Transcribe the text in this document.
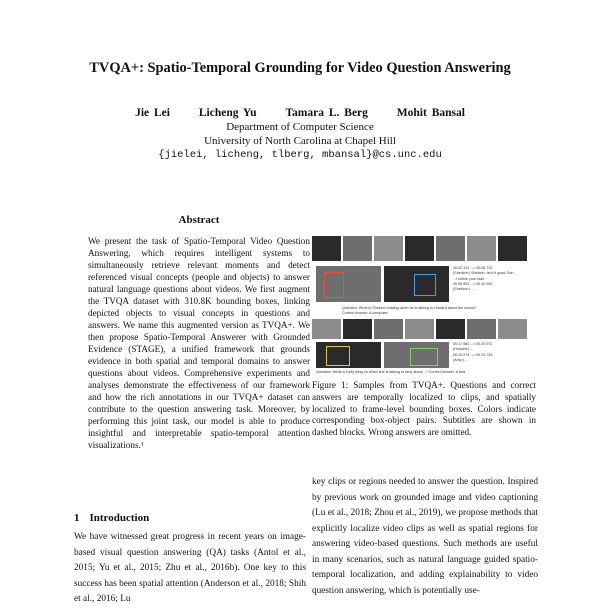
TVQA+: Spatio-Temporal Grounding for Video Question Answering
Jie Lei	Licheng Yu	Tamara L. Berg	Mohit Bansal
Department of Computer Science
University of North Carolina at Chapel Hill
{jielei, licheng, tlberg, mbansal}@cs.unc.edu
Abstract
We present the task of Spatio-Temporal Video Question Answering, which requires intelligent systems to simultaneously retrieve relevant moments and detect referenced visual concepts (people and objects) to answer natural language questions about videos. We first augment the TVQA dataset with 310.8K bounding boxes, linking depicted objects to visual concepts in questions and answers. We name this augmented version as TVQA+. We then propose Spatio-Temporal Answerer with Grounded Evidence (STAGE), a unified framework that grounds evidence in both spatial and temporal domains to answer questions about videos. Comprehensive experiments and analyses demonstrate the effectiveness of our framework and how the rich annotations in our TVQA+ dataset can contribute to the question answering task. Moreover, by performing this joint task, our model is able to produce insightful and interpretable spatio-temporal attention visualizations.¹
1 Introduction
We have witnessed great progress in recent years on image-based visual question answering (QA) tasks (Antol et al., 2015; Yu et al., 2015; Zhu et al., 2016b). One key to this success has been spatial attention (Anderson et al., 2018; Shih et al., 2016; Lu
key clips or regions needed to answer the question. Inspired by previous work on grounded image and video captioning (Lu et al., 2018; Zhou et al., 2019), we propose methods that explicitly localize video clips as well as spatial regions for answering video-based questions. Such methods are useful in many scenarios, such as natural language guided spatio-temporal localization, and adding explainability to video question answering, which is potentially use-
00:02.314 --> 00:06.732
(Sheldon:) Sheldon: Isn't it good Sue...
...I notice your stall.
00:06.902 --> 00:10.992
(Sheldon:) ...
Question: What is Sheldon holding when he is talking to Howard about the sword?
Correct Answer: A computer.
00:17.982 --> 00:20.972
(Howard:) ...
00:20.574 --> 00:22.749
(Amy:) ...
Question: What is Kelly lying on when she is talking to Amy about...? Correct Answer: A bed.
Figure 1: Samples from TVQA+. Questions and correct answers are temporally localized to clips, and spatially localized to frame-level bounding boxes. Colors indicate corresponding box-object pairs. Subtitles are shown in dashed blocks. Wrong answers are omitted.
